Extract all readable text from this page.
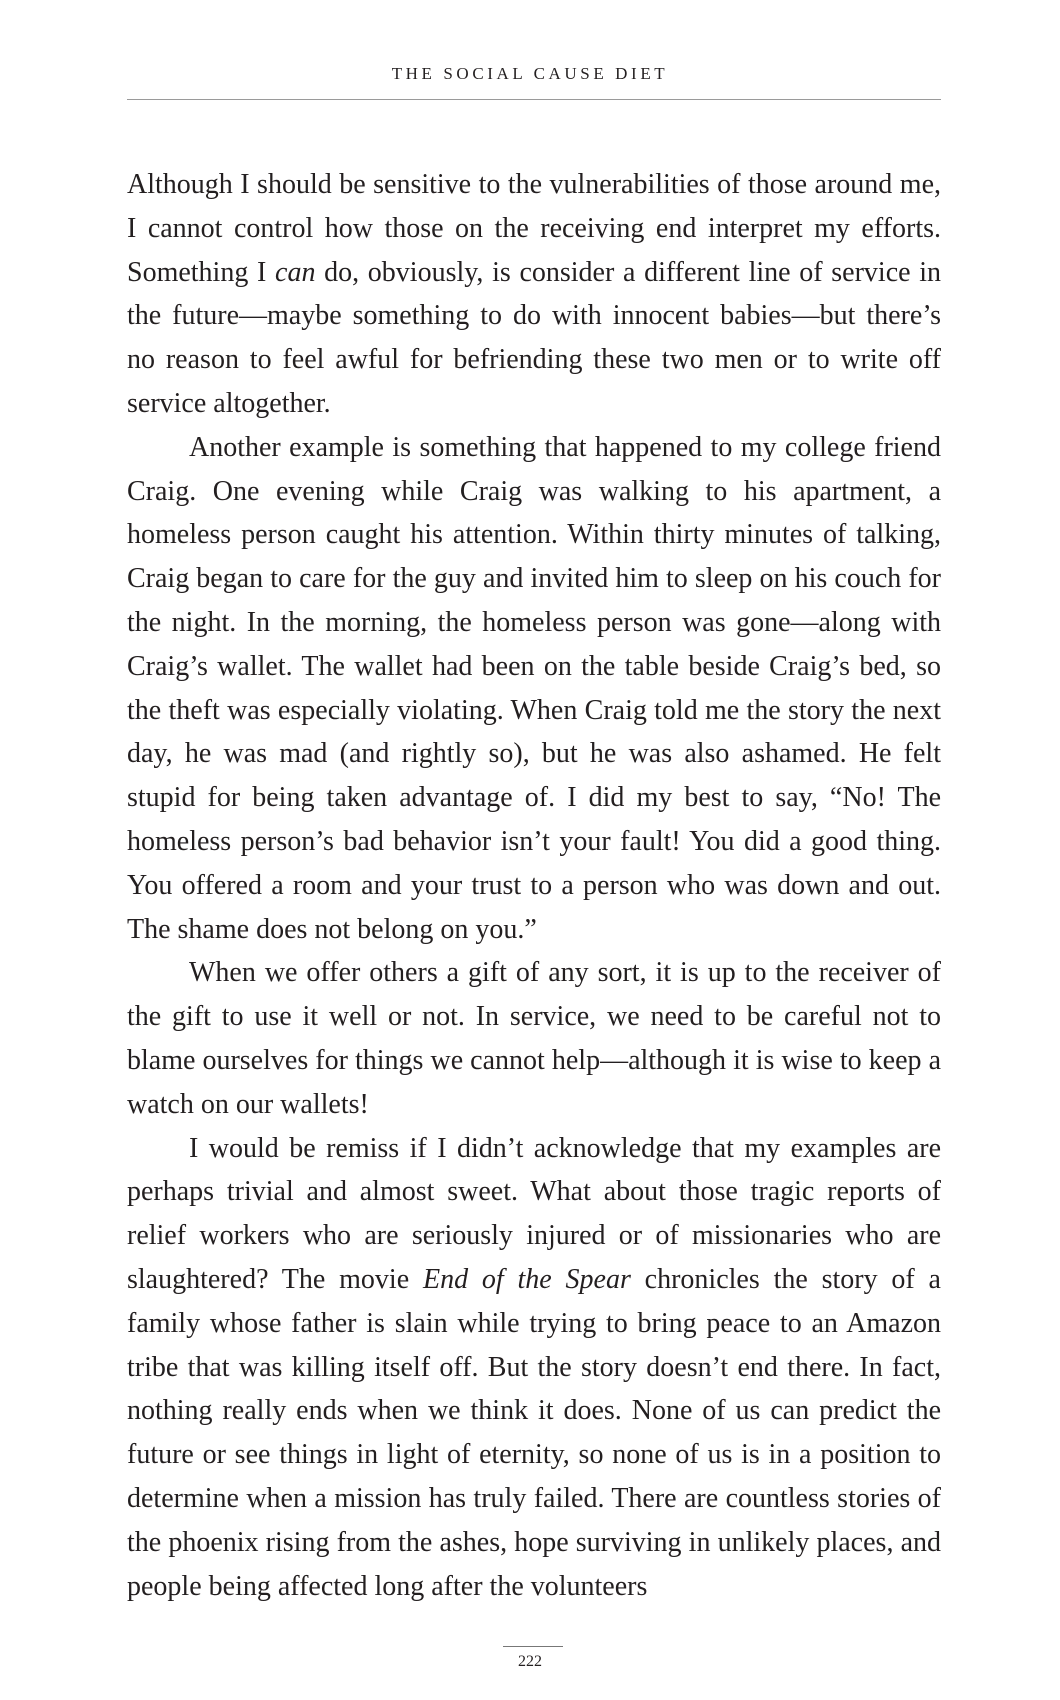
THE SOCIAL CAUSE DIET

Although I should be sensitive to the vulnerabilities of those around me, I cannot control how those on the receiving end interpret my efforts. Something I can do, obviously, is consider a different line of service in the future—maybe something to do with innocent babies—but there’s no reason to feel awful for befriending these two men or to write off service altogether.

Another example is something that happened to my college friend Craig. One evening while Craig was walking to his apartment, a homeless person caught his attention. Within thirty minutes of talking, Craig began to care for the guy and invited him to sleep on his couch for the night. In the morning, the homeless person was gone—along with Craig’s wallet. The wallet had been on the table beside Craig’s bed, so the theft was especially violating. When Craig told me the story the next day, he was mad (and rightly so), but he was also ashamed. He felt stupid for being taken advantage of. I did my best to say, “No! The homeless person’s bad behavior isn’t your fault! You did a good thing. You offered a room and your trust to a person who was down and out. The shame does not belong on you.”

When we offer others a gift of any sort, it is up to the receiver of the gift to use it well or not. In service, we need to be careful not to blame ourselves for things we cannot help—although it is wise to keep a watch on our wallets!

I would be remiss if I didn’t acknowledge that my examples are perhaps trivial and almost sweet. What about those tragic reports of relief workers who are seriously injured or of missionaries who are slaughtered? The movie End of the Spear chronicles the story of a family whose father is slain while trying to bring peace to an Amazon tribe that was killing itself off. But the story doesn’t end there. In fact, nothing really ends when we think it does. None of us can predict the future or see things in light of eternity, so none of us is in a position to determine when a mission has truly failed. There are countless stories of the phoenix rising from the ashes, hope surviving in unlikely places, and people being affected long after the volunteers

222
